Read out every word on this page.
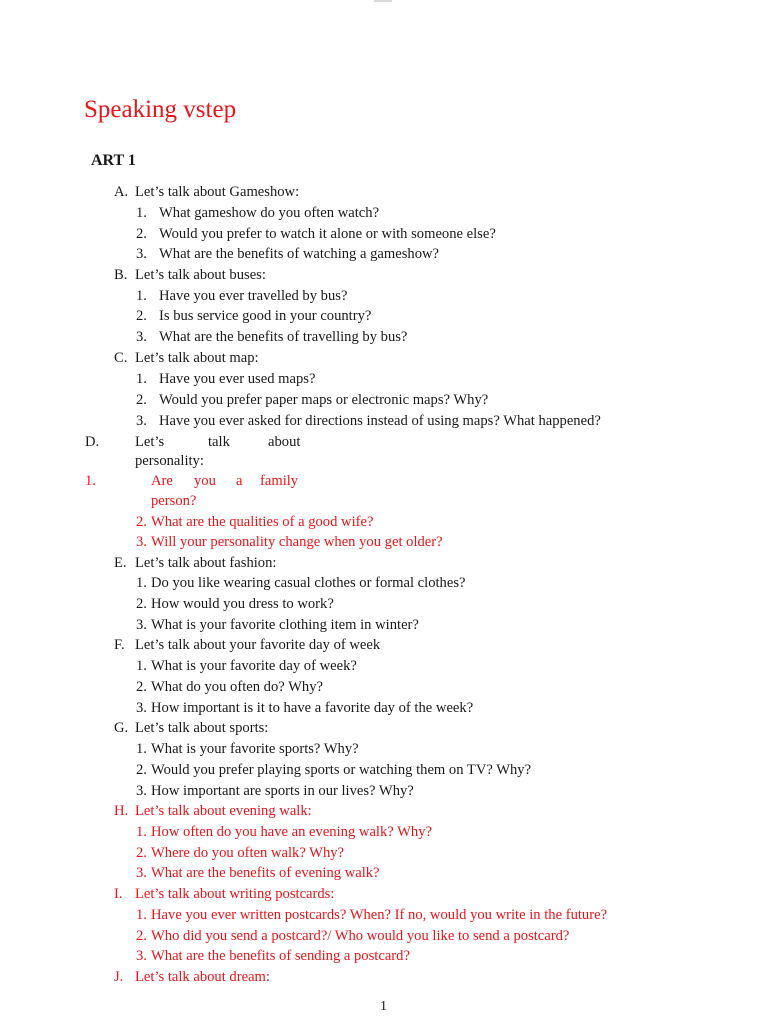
Speaking vstep
ART 1
A. Let’s talk about Gameshow:
1. What gameshow do you often watch?
2. Would you prefer to watch it alone or with someone else?
3. What are the benefits of watching a gameshow?
B. Let’s talk about buses:
1. Have you ever travelled by bus?
2. Is bus service good in your country?
3. What are the benefits of travelling by bus?
C. Let’s talk about map:
1. Have you ever used maps?
2. Would you prefer paper maps or electronic maps? Why?
3. Have you ever asked for directions instead of using maps? What happened?
D. Let’s	talk	about
personality:
1.	Are you a family
person?
2. What are the qualities of a good wife?
3. Will your personality change when you get older?
E. Let’s talk about fashion:
1. Do you like wearing casual clothes or formal clothes?
2. How would you dress to work?
3. What is your favorite clothing item in winter?
F. Let’s talk about your favorite day of week
1. What is your favorite day of week?
2. What do you often do? Why?
3. How important is it to have a favorite day of the week?
G. Let’s talk about sports:
1. What is your favorite sports? Why?
2. Would you prefer playing sports or watching them on TV? Why?
3. How important are sports in our lives? Why?
H. Let’s talk about evening walk:
1. How often do you have an evening walk? Why?
2. Where do you often walk? Why?
3. What are the benefits of evening walk?
I. Let’s talk about writing postcards:
1. Have you ever written postcards? When? If no, would you write in the future?
2. Who did you send a postcard?/ Who would you like to send a postcard?
3. What are the benefits of sending a postcard?
J. Let’s talk about dream:
1
